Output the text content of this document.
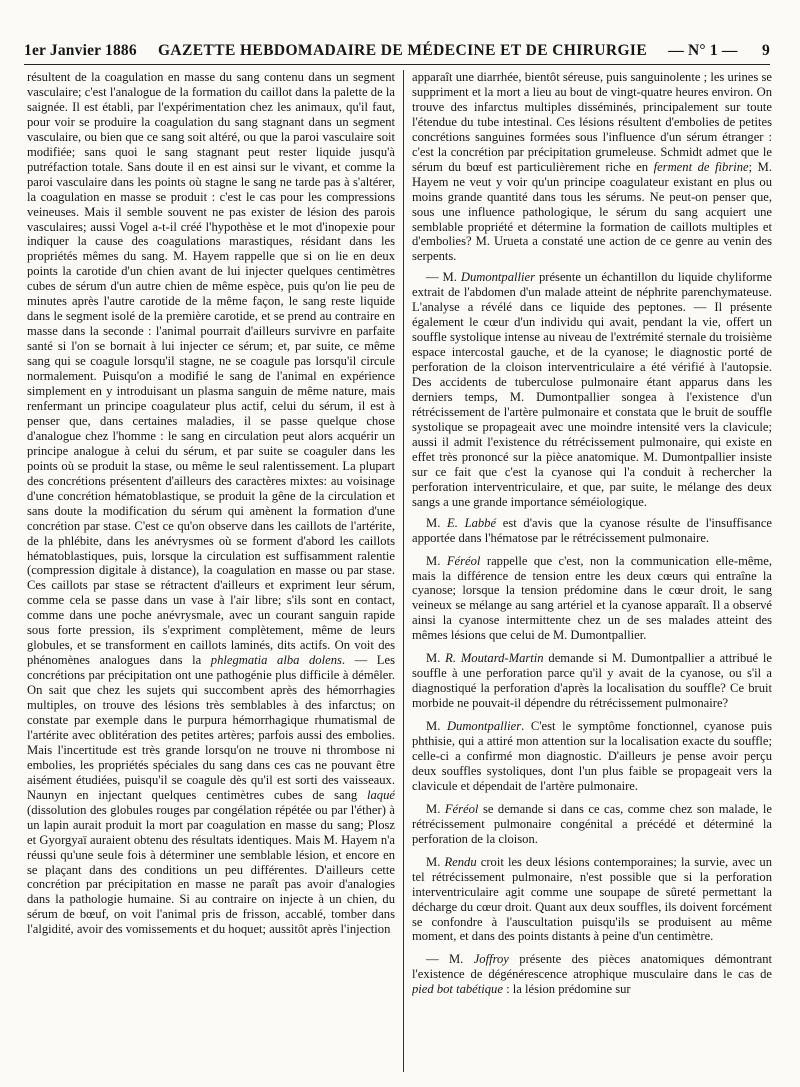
1er Janvier 1886 GAZETTE HEBDOMADAIRE DE MÉDECINE ET DE CHIRURGIE — N° 1 — 9

résultent de la coagulation en masse du sang contenu dans un segment vasculaire; c'est l'analogue de la formation du caillot dans la palette de la saignée. Il est établi, par l'expérimentation chez les animaux, qu'il faut, pour voir se produire la coagulation du sang stagnant dans un segment vasculaire, ou bien que ce sang soit altéré, ou que la paroi vasculaire soit modifiée; sans quoi le sang stagnant peut rester liquide jusqu'à putréfaction totale. Sans doute il en est ainsi sur le vivant, et comme la paroi vasculaire dans les points où stagne le sang ne tarde pas à s'altérer, la coagulation en masse se produit : c'est le cas pour les compressions veineuses. Mais il semble souvent ne pas exister de lésion des parois vasculaires; aussi Vogel a-t-il créé l'hypothèse et le mot d'inopexie pour indiquer la cause des coagulations marastiques, résidant dans les propriétés mêmes du sang. M. Hayem rappelle que si on lie en deux points la carotide d'un chien avant de lui injecter quelques centimètres cubes de sérum d'un autre chien de même espèce, puis qu'on lie peu de minutes après l'autre carotide de la même façon, le sang reste liquide dans le segment isolé de la première carotide, et se prend au contraire en masse dans la seconde : l'animal pourrait d'ailleurs survivre en parfaite santé si l'on se bornait à lui injecter ce sérum; et, par suite, ce même sang qui se coagule lorsqu'il stagne, ne se coagule pas lorsqu'il circule normalement. Puisqu'on a modifié le sang de l'animal en expérience simplement en y introduisant un plasma sanguin de même nature, mais renfermant un principe coagulateur plus actif, celui du sérum, il est à penser que, dans certaines maladies, il se passe quelque chose d'analogue chez l'homme : le sang en circulation peut alors acquérir un principe analogue à celui du sérum, et par suite se coaguler dans les points où se produit la stase, ou même le seul ralentissement. La plupart des concrétions présentent d'ailleurs des caractères mixtes: au voisinage d'une concrétion hématoblastique, se produit la gêne de la circulation et sans doute la modification du sérum qui amènent la formation d'une concrétion par stase. C'est ce qu'on observe dans les caillots de l'artérite, de la phlébite, dans les anévrysmes où se forment d'abord les caillots hématoblastiques, puis, lorsque la circulation est suffisamment ralentie (compression digitale à distance), la coagulation en masse ou par stase. Ces caillots par stase se rétractent d'ailleurs et expriment leur sérum, comme cela se passe dans un vase à l'air libre; s'ils sont en contact, comme dans une poche anévrysmale, avec un courant sanguin rapide sous forte pression, ils s'expriment complètement, même de leurs globules, et se transforment en caillots laminés, dits actifs. On voit des phénomènes analogues dans la phlegmatia alba dolens. — Les concrétions par précipitation ont une pathogénie plus difficile à démêler. On sait que chez les sujets qui succombent après des hémorrhagies multiples, on trouve des lésions très semblables à des infarctus; on constate par exemple dans le purpura hémorrhagique rhumatismal de l'artérite avec oblitération des petites artères; parfois aussi des embolies. Mais l'incertitude est très grande lorsqu'on ne trouve ni thrombose ni embolies, les propriétés spéciales du sang dans ces cas ne pouvant être aisément étudiées, puisqu'il se coagule dès qu'il est sorti des vaisseaux. Naunyn en injectant quelques centimètres cubes de sang laqué (dissolution des globules rouges par congélation répétée ou par l'éther) à un lapin aurait produit la mort par coagulation en masse du sang; Plosz et Gyorgyaï auraient obtenu des résultats identiques. Mais M. Hayem n'a réussi qu'une seule fois à déterminer une semblable lésion, et encore en se plaçant dans des conditions un peu différentes. D'ailleurs cette concrétion par précipitation en masse ne paraît pas avoir d'analogies dans la pathologie humaine. Si au contraire on injecte à un chien, du sérum de bœuf, on voit l'animal pris de frisson, accablé, tomber dans l'algidité, avoir des vomissements et du hoquet; aussitôt après l'injection

apparaît une diarrhée, bientôt séreuse, puis sanguinolente ; les urines se suppriment et la mort a lieu au bout de vingt-quatre heures environ. On trouve des infarctus multiples disséminés, principalement sur toute l'étendue du tube intestinal. Ces lésions résultent d'embolies de petites concrétions sanguines formées sous l'influence d'un sérum étranger : c'est la concrétion par précipitation grumeleuse. Schmidt admet que le sérum du bœuf est particulièrement riche en ferment de fibrine; M. Hayem ne veut y voir qu'un principe coagulateur existant en plus ou moins grande quantité dans tous les sérums. Ne peut-on penser que, sous une influence pathologique, le sérum du sang acquiert une semblable propriété et détermine la formation de caillots multiples et d'embolies? M. Urueta a constaté une action de ce genre au venin des serpents.

— M. Dumontpallier présente un échantillon du liquide chyliforme extrait de l'abdomen d'un malade atteint de néphrite parenchymateuse. L'analyse a révélé dans ce liquide des peptones. — Il présente également le cœur d'un individu qui avait, pendant la vie, offert un souffle systolique intense au niveau de l'extrémité sternale du troisième espace intercostal gauche, et de la cyanose; le diagnostic porté de perforation de la cloison interventriculaire a été vérifié à l'autopsie. Des accidents de tuberculose pulmonaire étant apparus dans les derniers temps, M. Dumontpallier songea à l'existence d'un rétrécissement de l'artère pulmonaire et constata que le bruit de souffle systolique se propageait avec une moindre intensité vers la clavicule; aussi il admit l'existence du rétrécissement pulmonaire, qui existe en effet très prononcé sur la pièce anatomique. M. Dumontpallier insiste sur ce fait que c'est la cyanose qui l'a conduit à rechercher la perforation interventriculaire, et que, par suite, le mélange des deux sangs a une grande importance séméiologique.

M. E. Labbé est d'avis que la cyanose résulte de l'insuffisance apportée dans l'hématose par le rétrécissement pulmonaire.

M. Féréol rappelle que c'est, non la communication elle-même, mais la différence de tension entre les deux cœurs qui entraîne la cyanose; lorsque la tension prédomine dans le cœur droit, le sang veineux se mélange au sang artériel et la cyanose apparaît. Il a observé ainsi la cyanose intermittente chez un de ses malades atteint des mêmes lésions que celui de M. Dumontpallier.

M. R. Moutard-Martin demande si M. Dumontpallier a attribué le souffle à une perforation parce qu'il y avait de la cyanose, ou s'il a diagnostiqué la perforation d'après la localisation du souffle? Ce bruit morbide ne pouvait-il dépendre du rétrécissement pulmonaire?

M. Dumontpallier. C'est le symptôme fonctionnel, cyanose puis phthisie, qui a attiré mon attention sur la localisation exacte du souffle; celle-ci a confirmé mon diagnostic. D'ailleurs je pense avoir perçu deux souffles systoliques, dont l'un plus faible se propageait vers la clavicule et dépendait de l'artère pulmonaire.

M. Féréol se demande si dans ce cas, comme chez son malade, le rétrécissement pulmonaire congénital a précédé et déterminé la perforation de la cloison.

M. Rendu croit les deux lésions contemporaines; la survie, avec un tel rétrécissement pulmonaire, n'est possible que si la perforation interventriculaire agit comme une soupape de sûreté permettant la décharge du cœur droit. Quant aux deux souffles, ils doivent forcément se confondre à l'auscultation puisqu'ils se produisent au même moment, et dans des points distants à peine d'un centimètre.

— M. Joffroy présente des pièces anatomiques démontrant l'existence de dégénérescence atrophique musculaire dans le cas de pied bot tabétique : la lésion prédomine sur
